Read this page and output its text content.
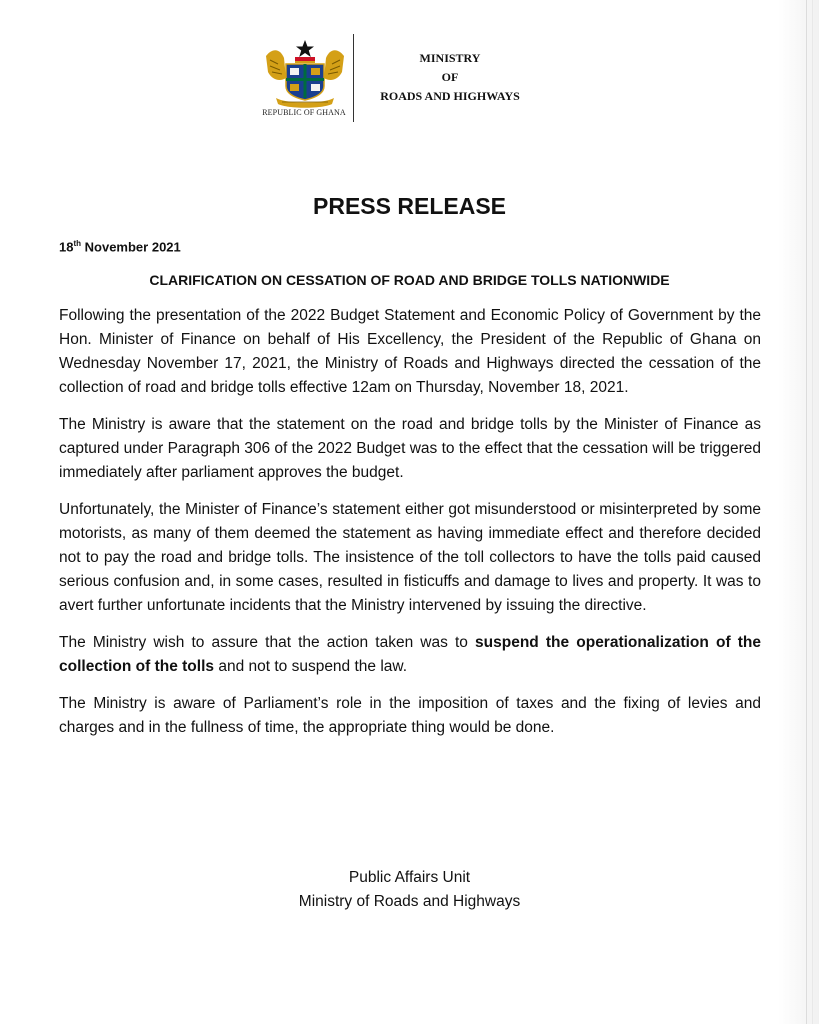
REPUBLIC OF GHANA
MINISTRY
OF
ROADS AND HIGHWAYS
PRESS RELEASE
18th November 2021
CLARIFICATION ON CESSATION OF ROAD AND BRIDGE TOLLS NATIONWIDE

Following the presentation of the 2022 Budget Statement and Economic Policy of Government by the Hon. Minister of Finance on behalf of His Excellency, the President of the Republic of Ghana on Wednesday November 17, 2021, the Ministry of Roads and Highways directed the cessation of the collection of road and bridge tolls effective 12am on Thursday, November 18, 2021.

The Ministry is aware that the statement on the road and bridge tolls by the Minister of Finance as captured under Paragraph 306 of the 2022 Budget was to the effect that the cessation will be triggered immediately after parliament approves the budget.

Unfortunately, the Minister of Finance’s statement either got misunderstood or misinterpreted by some motorists, as many of them deemed the statement as having immediate effect and therefore decided not to pay the road and bridge tolls. The insistence of the toll collectors to have the tolls paid caused serious confusion and, in some cases, resulted in fisticuffs and damage to lives and property. It was to avert further unfortunate incidents that the Ministry intervened by issuing the directive.

The Ministry wish to assure that the action taken was to suspend the operationalization of the collection of the tolls and not to suspend the law.

The Ministry is aware of Parliament’s role in the imposition of taxes and the fixing of levies and charges and in the fullness of time, the appropriate thing would be done.

Public Affairs Unit
Ministry of Roads and Highways
